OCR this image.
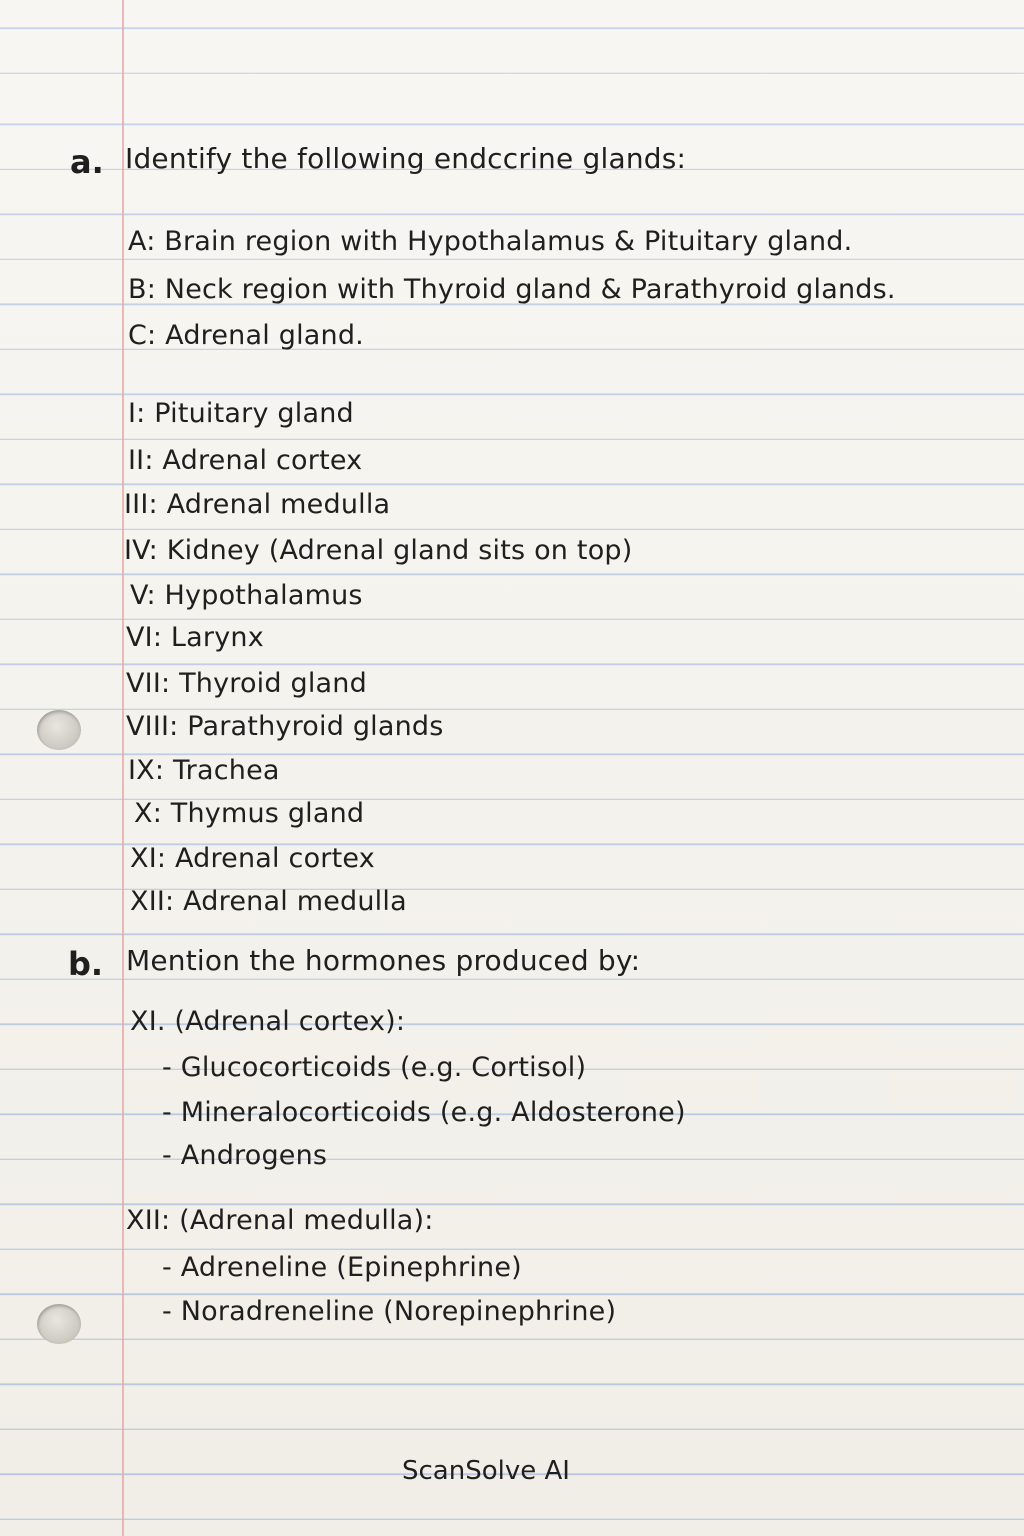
a. Identify the following endccrine glands:
A: Brain region with Hypothalamus & Pituitary gland.
B: Neck region with Thyroid gland & Parathyroid glands.
C: Adrenal gland.
I: Pituitary gland
II: Adrenal cortex
III: Adrenal medulla
IV: Kidney (Adrenal gland sits on top)
V: Hypothalamus
VI: Larynx
VII: Thyroid gland
VIII: Parathyroid glands
IX: Trachea
X: Thymus gland
XI: Adrenal cortex
XII: Adrenal medulla
b. Mention the hormones produced by:
XI. (Adrenal cortex):
- Glucocorticoids (e.g. Cortisol)
- Mineralocorticoids (e.g. Aldosterone)
- Androgens
XII: (Adrenal medulla):
- Adreneline (Epinephrine)
- Noradreneline (Norepinephrine)
ScanSolve AI
